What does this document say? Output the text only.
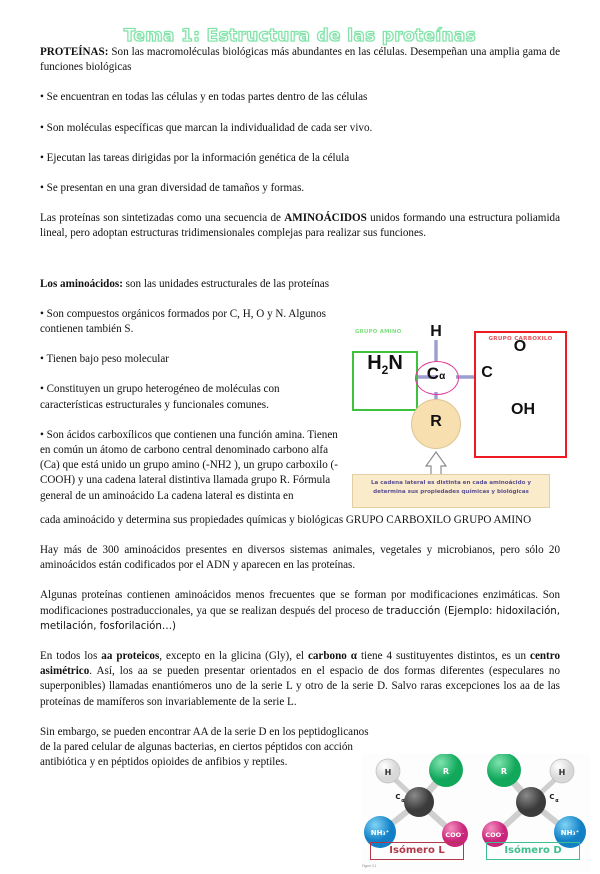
Tema 1: Estructura de las proteínas

PROTEÍNAS: Son las macromoléculas biológicas más abundantes en las células. Desempeñan una amplia gama de funciones biológicas

• Se encuentran en todas las células y en todas partes dentro de las células

• Son moléculas específicas que marcan la individualidad de cada ser vivo.

• Ejecutan las tareas dirigidas por la información genética de la célula

• Se presentan en una gran diversidad de tamaños y formas.

Las proteínas son sintetizadas como una secuencia de AMINOÁCIDOS unidos formando una estructura poliamida lineal, pero adoptan estructuras tridimensionales complejas para realizar sus funciones.

Los aminoácidos: son las unidades estructurales de las proteínas

• Son compuestos orgánicos formados por C, H, O y N. Algunos contienen también S.

• Tienen bajo peso molecular

• Constituyen un grupo heterogéneo de moléculas con características estructurales y funcionales comunes.

• Son ácidos carboxílicos que contienen una función amina. Tienen en común un átomo de carbono central denominado carbono alfa (Ca) que está unido un grupo amino (-NH2 ), un grupo carboxilo (-COOH) y una cadena lateral distintiva llamada grupo R. Fórmula general de un aminoácido La cadena lateral es distinta en

cada aminoácido y determina sus propiedades químicas y biológicas GRUPO CARBOXILO GRUPO AMINO

Hay más de 300 aminoácidos presentes en diversos sistemas animales, vegetales y microbianos, pero sólo 20 aminoácidos están codificados por el ADN y aparecen en las proteínas.

Algunas proteínas contienen aminoácidos menos frecuentes que se forman por modificaciones enzimáticas. Son modificaciones postraduccionales, ya que se realizan después del proceso de traducción (Ejemplo: hidoxilación, metilación, fosforilación…)

En todos los aa proteicos, excepto en la glicina (Gly), el carbono α tiene 4 sustituyentes distintos, es un centro asimétrico. Así, los aa se pueden presentar orientados en el espacio de dos formas diferentes (especulares no superponibles) llamadas enantiómeros uno de la serie L y otro de la serie D. Salvo raras excepciones los aa de las proteínas de mamíferos son invariablemente de la serie L.

Sin embargo, se pueden encontrar AA de la serie D en los peptidoglicanos de la pared celular de algunas bacterias, en ciertos péptidos con acción antibiótica y en péptidos opioides de anfibios y reptiles.

GRUPO AMINO
$H_2N$
GRUPO CARBOXILO
Cα
H
C
O
OH
R

La cadena lateral es distinta en cada aminoácido y

determina sus propiedades químicas y biológicas

H	R
C α
NH₃⁺	COO⁻
H
R
C α
NH₃⁺
COO⁻
Isómero L	Isómero D
Figure 3.1
